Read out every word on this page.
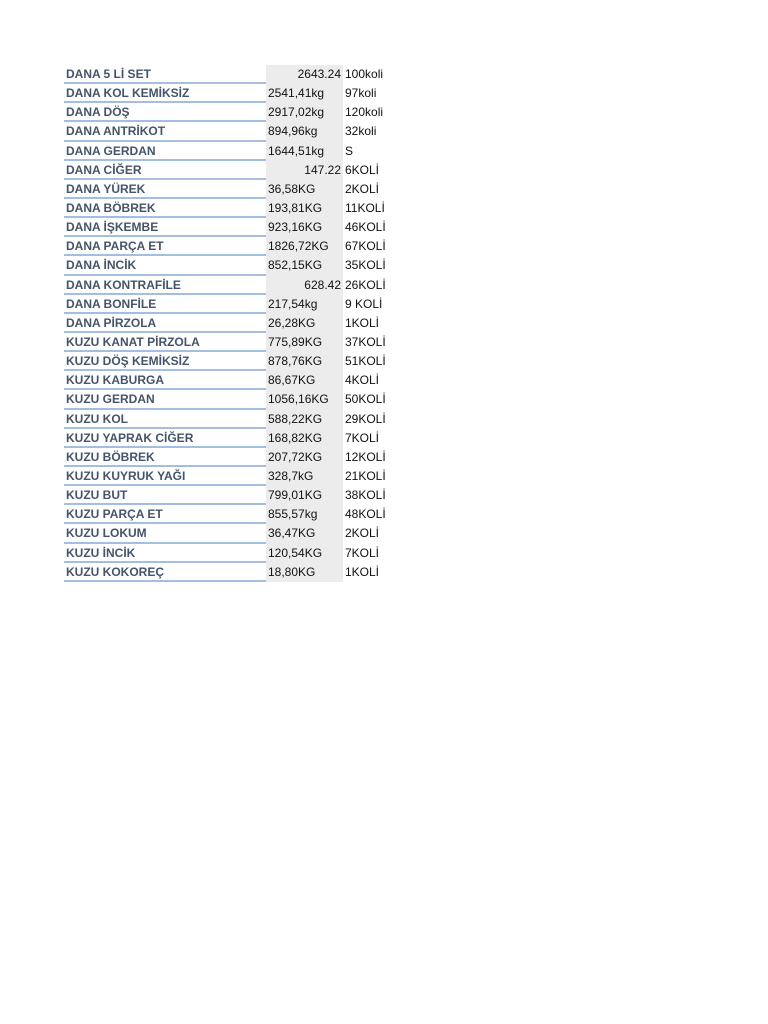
DANA 5 Lİ SET	2643.24 100koli
DANA KOL KEMİKSİZ	2541,41kg	97koli
DANA DÖŞ	2917,02kg	120koli
DANA ANTRİKOT	894,96kg	32koli
DANA GERDAN	1644,51kg	S
DANA CİĞER	147.22 6KOLİ
DANA YÜREK	36,58KG	2KOLİ
DANA BÖBREK	193,81KG	11KOLİ
DANA İŞKEMBE	923,16KG	46KOLİ
DANA PARÇA ET	1826,72KG	67KOLİ
DANA İNCİK	852,15KG	35KOLİ
DANA KONTRAFİLE	628.42 26KOLİ
DANA BONFİLE	217,54kg	9 KOLİ
DANA PİRZOLA	26,28KG	1KOLİ
KUZU KANAT PİRZOLA	775,89KG	37KOLİ
KUZU DÖŞ KEMİKSİZ	878,76KG	51KOLİ
KUZU KABURGA	86,67KG	4KOLİ
KUZU GERDAN	1056,16KG	50KOLİ
KUZU KOL	588,22KG	29KOLİ
KUZU YAPRAK CİĞER	168,82KG	7KOLİ
KUZU BÖBREK	207,72KG	12KOLİ
KUZU KUYRUK YAĞI	328,7kG	21KOLİ
KUZU BUT	799,01KG	38KOLİ
KUZU PARÇA ET	855,57kg	48KOLİ
KUZU LOKUM	36,47KG	2KOLİ
KUZU İNCİK	120,54KG	7KOLİ
KUZU KOKOREÇ	18,80KG	1KOLİ
